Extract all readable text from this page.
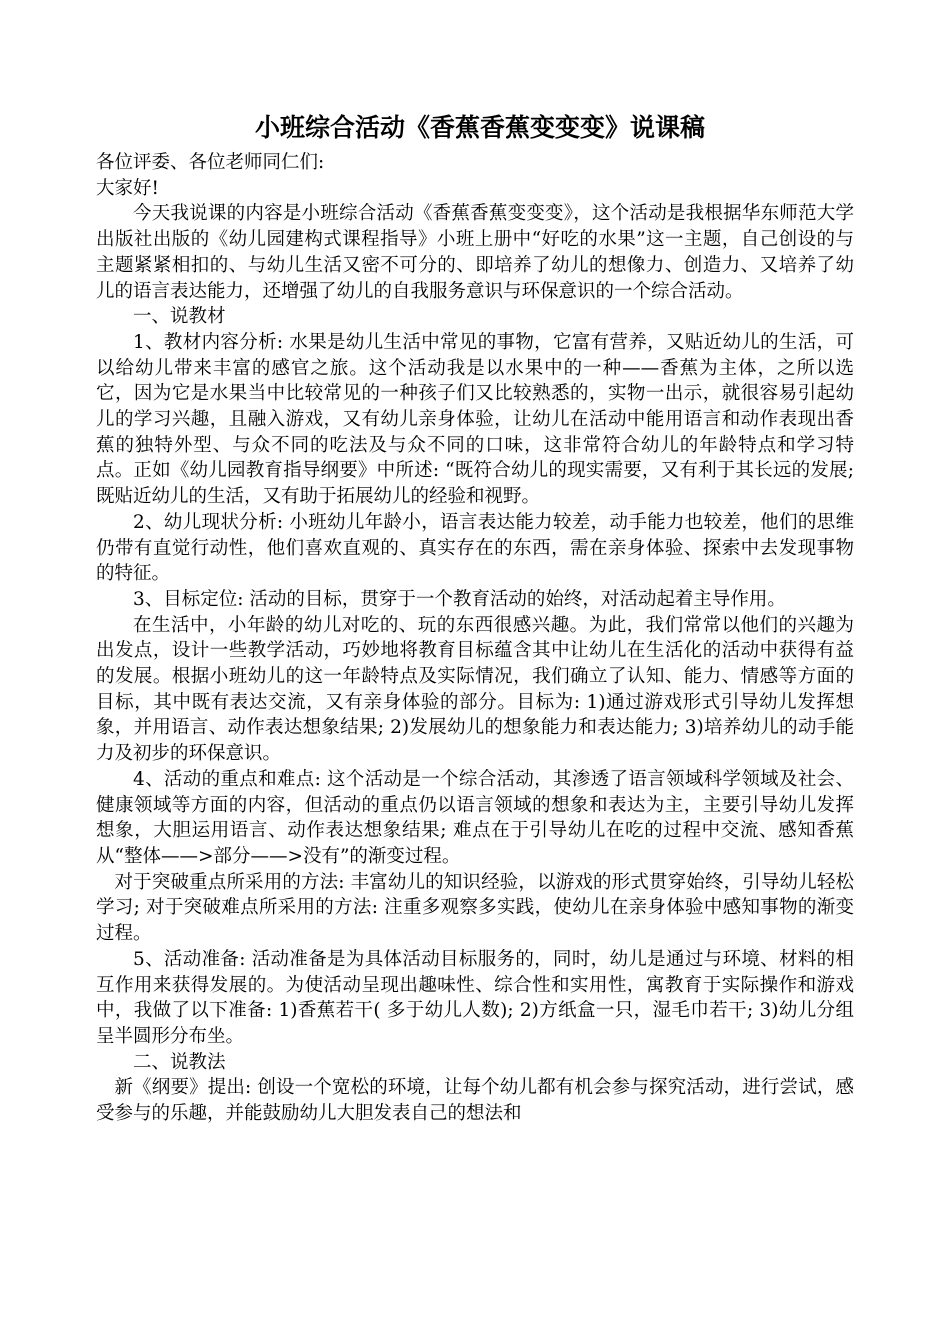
小班综合活动《香蕉香蕉变变变》说课稿

各位评委、各位老师同仁们:

大家好!

今天我说课的内容是小班综合活动《香蕉香蕉变变变》，这个活动是我根据华东师范大学出版社出版的《幼儿园建构式课程指导》小班上册中“好吃的水果”这一主题，自己创设的与主题紧紧相扣的、与幼儿生活又密不可分的、即培养了幼儿的想像力、创造力、又培养了幼儿的语言表达能力，还增强了幼儿的自我服务意识与环保意识的一个综合活动。

一、说教材

1、教材内容分析: 水果是幼儿生活中常见的事物，它富有营养，又贴近幼儿的生活，可以给幼儿带来丰富的感官之旅。这个活动我是以水果中的一种——香蕉为主体，之所以选它，因为它是水果当中比较常见的一种孩子们又比较熟悉的，实物一出示，就很容易引起幼儿的学习兴趣，且融入游戏，又有幼儿亲身体验，让幼儿在活动中能用语言和动作表现出香蕉的独特外型、与众不同的吃法及与众不同的口味，这非常符合幼儿的年龄特点和学习特点。正如《幼儿园教育指导纲要》中所述: “既符合幼儿的现实需要，又有利于其长远的发展; 既贴近幼儿的生活，又有助于拓展幼儿的经验和视野。

2、幼儿现状分析: 小班幼儿年龄小，语言表达能力较差，动手能力也较差，他们的思维仍带有直觉行动性，他们喜欢直观的、真实存在的东西，需在亲身体验、探索中去发现事物的特征。

3、目标定位: 活动的目标，贯穿于一个教育活动的始终，对活动起着主导作用。

在生活中，小年龄的幼儿对吃的、玩的东西很感兴趣。为此，我们常常以他们的兴趣为出发点，设计一些教学活动，巧妙地将教育目标蕴含其中让幼儿在生活化的活动中获得有益的发展。根据小班幼儿的这一年龄特点及实际情况，我们确立了认知、能力、情感等方面的目标，其中既有表达交流，又有亲身体验的部分。目标为: 1)通过游戏形式引导幼儿发挥想象，并用语言、动作表达想象结果; 2)发展幼儿的想象能力和表达能力; 3)培养幼儿的动手能力及初步的环保意识。

4、活动的重点和难点: 这个活动是一个综合活动，其渗透了语言领域科学领域及社会、健康领域等方面的内容，但活动的重点仍以语言领域的想象和表达为主，主要引导幼儿发挥想象，大胆运用语言、动作表达想象结果; 难点在于引导幼儿在吃的过程中交流、感知香蕉从“整体——>部分——>没有”的渐变过程。

对于突破重点所采用的方法: 丰富幼儿的知识经验，以游戏的形式贯穿始终，引导幼儿轻松学习; 对于突破难点所采用的方法: 注重多观察多实践，使幼儿在亲身体验中感知事物的渐变过程。

5、活动准备: 活动准备是为具体活动目标服务的，同时，幼儿是通过与环境、材料的相互作用来获得发展的。为使活动呈现出趣味性、综合性和实用性，寓教育于实际操作和游戏中，我做了以下准备: 1)香蕉若干( 多于幼儿人数); 2)方纸盒一只，湿毛巾若干; 3)幼儿分组呈半圆形分布坐。

二、说教法

新《纲要》提出: 创设一个宽松的环境，让每个幼儿都有机会参与探究活动，进行尝试，感受参与的乐趣，并能鼓励幼儿大胆发表自己的想法和
